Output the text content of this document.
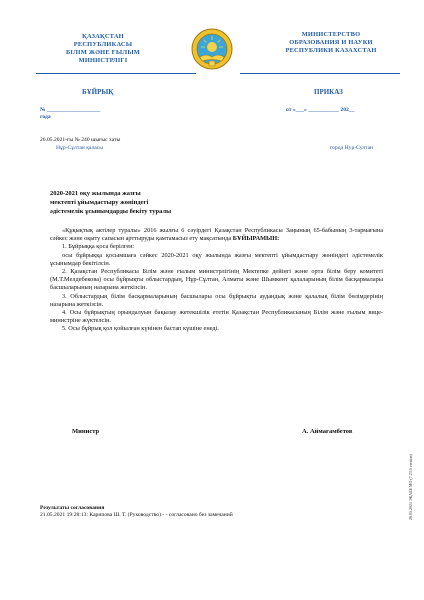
ҚАЗАҚСТАН
РЕСПУБЛИКАСЫ
БІЛІМ ЖӘНЕ ҒЫЛЫМ
МИНИСТРЛІГІ
МИНИСТЕРСТВО
ОБРАЗОВАНИЯ И НАУКИ
РЕСПУБЛИКИ КАЗАХСТАН
БҰЙРЫҚ	ПРИКАЗ
№ ___________________	от «___» ___________ 202__
года
26.05.2021-ғы № 240 шығыс хаты
Нұр-Сұлтан қаласы	город Нур-Султан
2020-2021 оқу жылында жазғы
мектепті ұйымдастыру жөніндегі
әдістемелік ұсынымдарды бекіту туралы

«Құқықтық актілер туралы» 2016 жылғы 6 сәуірдегі Қазақстан Республикасы Заңының 65-бабының 3-тармағына сәйкес және оқыту сапасын арттыруды қамтамасыз ету мақсатында БҰЙЫРАМЫН:

1. Бұйрыққа қоса берілген:

осы бұйрыққа қосымшаға сәйкес 2020-2021 оқу жылында жазғы мектепті ұйымдастыру жөніндегі әдістемелік ұсынымдар бекітілсін.

2. Қазақстан Республикасы Білім және ғылым министрлігінің Мектепке дейінгі және орта білім беру комитеті (М.Т.Мелдебекова) осы бұйрықты облыстардың, Нұр-Сұлтан, Алматы және Шымкент қалаларының білім басқармалары басшыларының назарына жеткізсін.

3. Облыстардың білім басқармаларының басшылары осы бұйрықты аудандық және қалалық білім бөлімдерінің назарына жеткізсін.

4. Осы бұйрықтың орындалуын бақылау жетекшілік ететін Қазақстан Республикасының Білім және ғылым вице-министріне жүктелсін.

5. Осы бұйрық қол қойылған күнінен бастап күшіне енеді.

Министр	А. Аймағамбетов
Результаты согласования
21.05.2021 19:28:13: Карипова Ш. Т. (Руководство) - - согласовано без замечаний	26.05.2021 ЭҚАБЕ МО (7.23.0 version)
